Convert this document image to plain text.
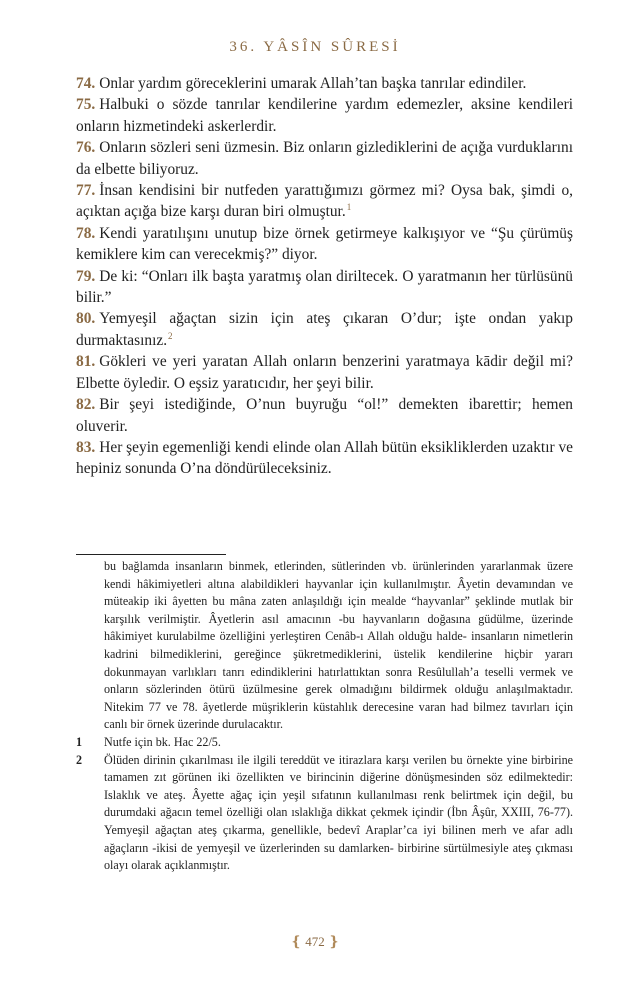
36. YÂSÎN SÛRESİ

74. Onlar yardım göreceklerini umarak Allah’tan başka tanrılar edindiler.

75. Halbuki o sözde tanrılar kendilerine yardım edemezler, aksine kendileri onların hizmetindeki askerlerdir.

76. Onların sözleri seni üzmesin. Biz onların gizlediklerini de açığa vurduklarını da elbette biliyoruz.

77. İnsan kendisini bir nutfeden yarattığımızı görmez mi? Oysa bak, şimdi o, açıktan açığa bize karşı duran biri olmuştur.$^1$

78. Kendi yaratılışını unutup bize örnek getirmeye kalkışıyor ve “Şu çürümüş kemiklere kim can verecekmiş?” diyor.

79. De ki: “Onları ilk başta yaratmış olan diriltecek. O yaratmanın her türlüsünü bilir.”

80. Yemyeşil ağaçtan sizin için ateş çıkaran O’dur; işte ondan yakıp durmaktasınız.$^2$

81. Gökleri ve yeri yaratan Allah onların benzerini yaratmaya kādir değil mi? Elbette öyledir. O eşsiz yaratıcıdır, her şeyi bilir.

82. Bir şeyi istediğinde, O’nun buyruğu “ol!” demekten ibarettir; hemen oluverir.

83. Her şeyin egemenliği kendi elinde olan Allah bütün eksikliklerden uzaktır ve hepiniz sonunda O’na döndürüleceksiniz.

bu bağlamda insanların binmek, etlerinden, sütlerinden vb. ürünlerinden yararlanmak üzere kendi hâkimiyetleri altına alabildikleri hayvanlar için kullanılmıştır. Âyetin devamından ve müteakip iki âyetten bu mâna zaten anlaşıldığı için mealde “hayvanlar” şeklinde mutlak bir karşılık verilmiştir. Âyetlerin asıl amacının -bu hayvanların doğasına güdülme, üzerinde hâkimiyet kurulabilme özelliğini yerleştiren Cenâb-ı Allah olduğu halde- insanların nimetlerin kadrini bilmediklerini, gereğince şükretmediklerini, üstelik kendilerine hiçbir yararı dokunmayan varlıkları tanrı edindiklerini hatırlattıktan sonra Resûlullah’a teselli vermek ve onların sözlerinden ötürü üzülmesine gerek olmadığını bildirmek olduğu anlaşılmaktadır. Nitekim 77 ve 78. âyetlerde müşriklerin küstahlık derecesine varan had bilmez tavırları için canlı bir örnek üzerinde durulacaktır.
1	Nutfe için bk. Hac 22/5.
2	Ölüden dirinin çıkarılması ile ilgili tereddüt ve itirazlara karşı verilen bu örnekte yine birbirine tamamen zıt görünen iki özellikten ve birincinin diğerine dönüşmesinden söz edilmektedir: Islaklık ve ateş. Âyette ağaç için yeşil sıfatının kullanılması renk belirtmek için değil, bu durumdaki ağacın temel özelliği olan ıslaklığa dikkat çekmek içindir (İbn Âşûr, XXIII, 76-77). Yemyeşil ağaçtan ateş çıkarma, genellikle, bedevî Araplar’ca iyi bilinen merh ve afar adlı ağaçların -ikisi de yemyeşil ve üzerlerinden su damlarken- birbirine sürtülmesiyle ateş çıkması olayı olarak açıklanmıştır.
❴ 472 ❵
